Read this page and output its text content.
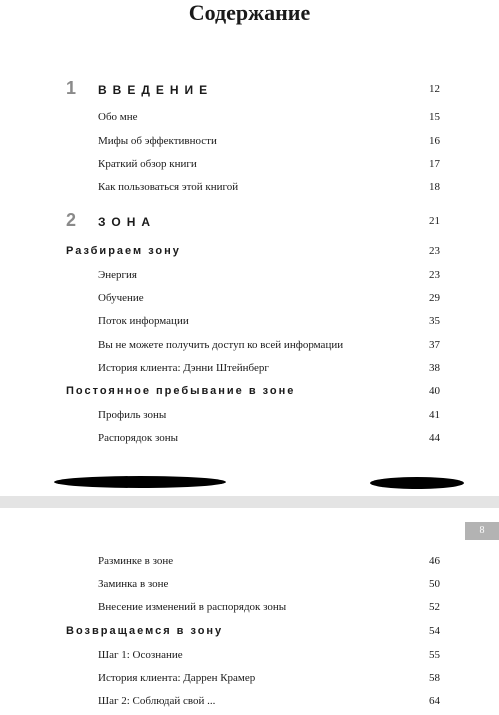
Содержание
1 ВВЕДЕНИЕ	12
Обо мне	15
Мифы об эффективности	16
Краткий обзор книги	17
Как пользоваться этой книгой	18
2 ЗОНА	21
Разбираем зону	23
Энергия	23
Обучение	29
Поток информации	35
Вы не можете получить доступ ко всей информации	37
История клиента: Дэнни Штейнберг	38
Постоянное пребывание в зоне	40
Профиль зоны	41
Распорядок зоны	44
Разминке в зоне	46
Заминка в зоне	50
Внесение изменений в распорядок зоны	52
Возвращаемся в зону	54
Шаг 1: Осознание	55
История клиента: Даррен Крамер	58
Шаг 2: Соблюдай свой ...	64
8
